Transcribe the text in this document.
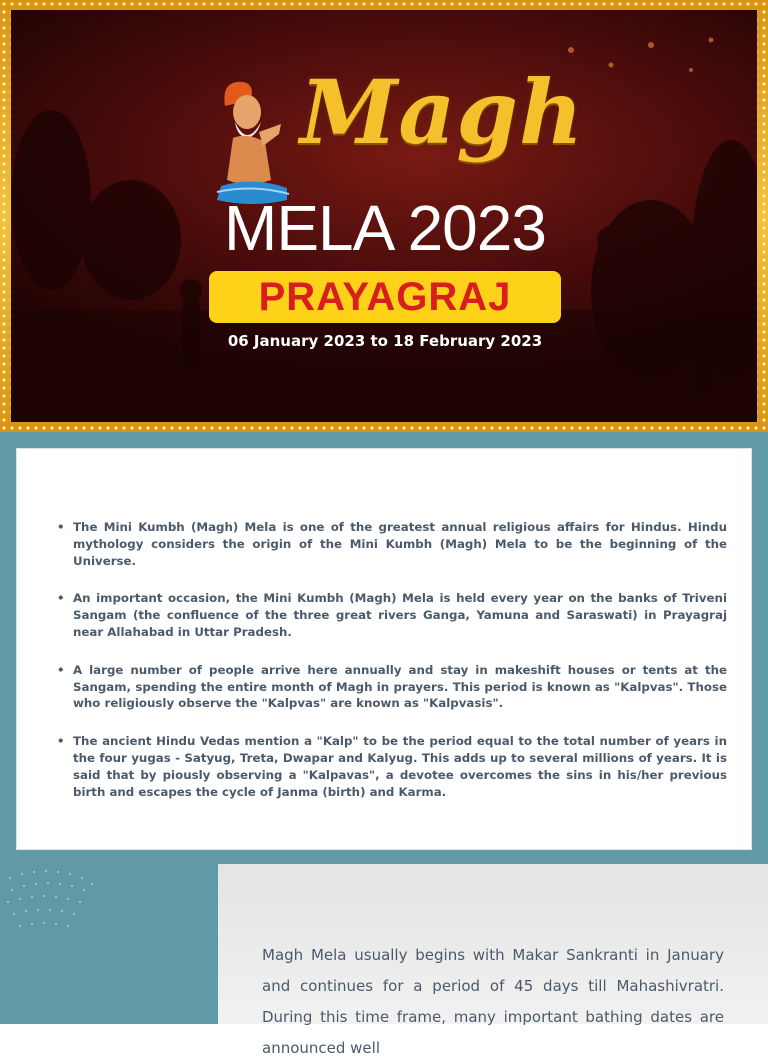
Magh
MELA 2023
PRAYAGRAJ
06 January 2023 to 18 February 2023
• The Mini Kumbh (Magh) Mela is one of the greatest annual religious affairs for Hindus. Hindu mythology considers the origin of the Mini Kumbh (Magh) Mela to be the beginning of the Universe.
• An important occasion, the Mini Kumbh (Magh) Mela is held every year on the banks of Triveni Sangam (the confluence of the three great rivers Ganga, Yamuna and Saraswati) in Prayagraj near Allahabad in Uttar Pradesh.
• A large number of people arrive here annually and stay in makeshift houses or tents at the Sangam, spending the entire month of Magh in prayers. This period is known as "Kalpvas". Those who religiously observe the "Kalpvas" are known as "Kalpvasis".
• The ancient Hindu Vedas mention a "Kalp" to be the period equal to the total number of years in the four yugas - Satyug, Treta, Dwapar and Kalyug. This adds up to several millions of years. It is said that by piously observing a "Kalpavas", a devotee overcomes the sins in his/her previous birth and escapes the cycle of Janma (birth) and Karma.
Magh Mela usually begins with Makar Sankranti in January and continues for a period of 45 days till Mahashivratri. During this time frame, many important bathing dates are announced well
